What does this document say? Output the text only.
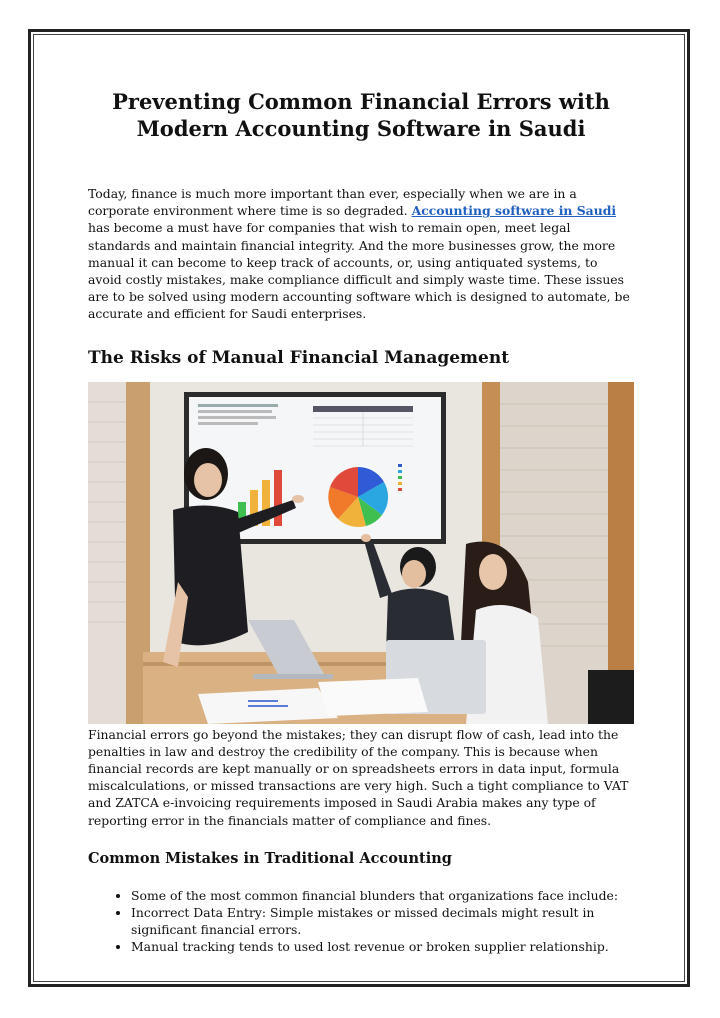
Preventing Common Financial Errors with Modern Accounting Software in Saudi

Today, finance is much more important than ever, especially when we are in a corporate environment where time is so degraded. Accounting software in Saudi has become a must have for companies that wish to remain open, meet legal standards and maintain financial integrity. And the more businesses grow, the more manual it can become to keep track of accounts, or, using antiquated systems, to avoid costly mistakes, make compliance difficult and simply waste time. These issues are to be solved using modern accounting software which is designed to automate, be accurate and efficient for Saudi enterprises.

The Risks of Manual Financial Management

Financial errors go beyond the mistakes; they can disrupt flow of cash, lead into the penalties in law and destroy the credibility of the company. This is because when financial records are kept manually or on spreadsheets errors in data input, formula miscalculations, or missed transactions are very high. Such a tight compliance to VAT and ZATCA e-invoicing requirements imposed in Saudi Arabia makes any type of reporting error in the financials matter of compliance and fines.

Common Mistakes in Traditional Accounting
• Some of the most common financial blunders that organizations face include:
• Incorrect Data Entry: Simple mistakes or missed decimals might result in significant financial errors.
• Manual tracking tends to used lost revenue or broken supplier relationship.
